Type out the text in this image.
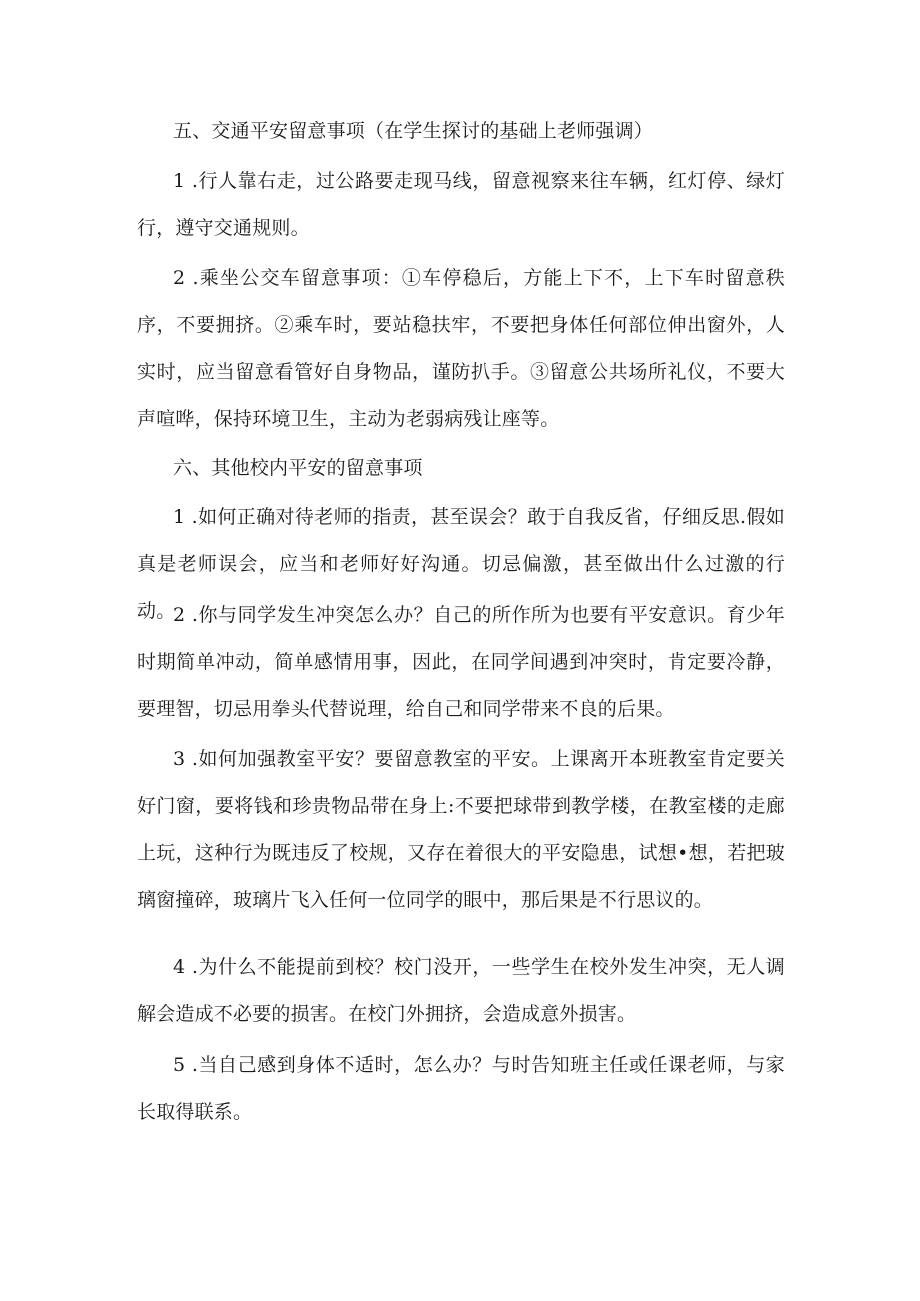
五、交通平安留意事项（在学生探讨的基础上老师强调）

1 .行人靠右走，过公路要走现马线，留意视察来往车辆，红灯停、绿灯行，遵守交通规则。

2 .乘坐公交车留意事项：①车停稳后，方能上下不，上下车时留意秩序，不要拥挤。②乘车时，要站稳扶牢，不要把身体任何部位伸出窗外，人实时，应当留意看管好自身物品，谨防扒手。③留意公共场所礼仪，不要大声喧哗，保持环境卫生，主动为老弱病残让座等。

六、其他校内平安的留意事项

1 .如何正确对待老师的指责，甚至误会？敢于自我反省，仔细反思.假如真是老师误会，应当和老师好好沟通。切忌偏激，甚至做出什么过激的行动。

2 .你与同学发生冲突怎么办？自己的所作所为也要有平安意识。育少年时期简单冲动，简单感情用事，因此，在同学间遇到冲突时，肯定要冷静，要理智，切忌用拳头代替说理，给自己和同学带来不良的后果。

3 .如何加强教室平安？要留意教室的平安。上课离开本班教室肯定要关好门窗，要将钱和珍贵物品带在身上:不要把球带到教学楼，在教室楼的走廊上玩，这种行为既违反了校规，又存在着很大的平安隐患，试想•想，若把玻璃窗撞碎，玻璃片飞入任何一位同学的眼中，那后果是不行思议的。

4 .为什么不能提前到校？校门没开，一些学生在校外发生冲突，无人调解会造成不必要的损害。在校门外拥挤，会造成意外损害。

5 .当自己感到身体不适时，怎么办？与时告知班主任或任课老师，与家长取得联系。
